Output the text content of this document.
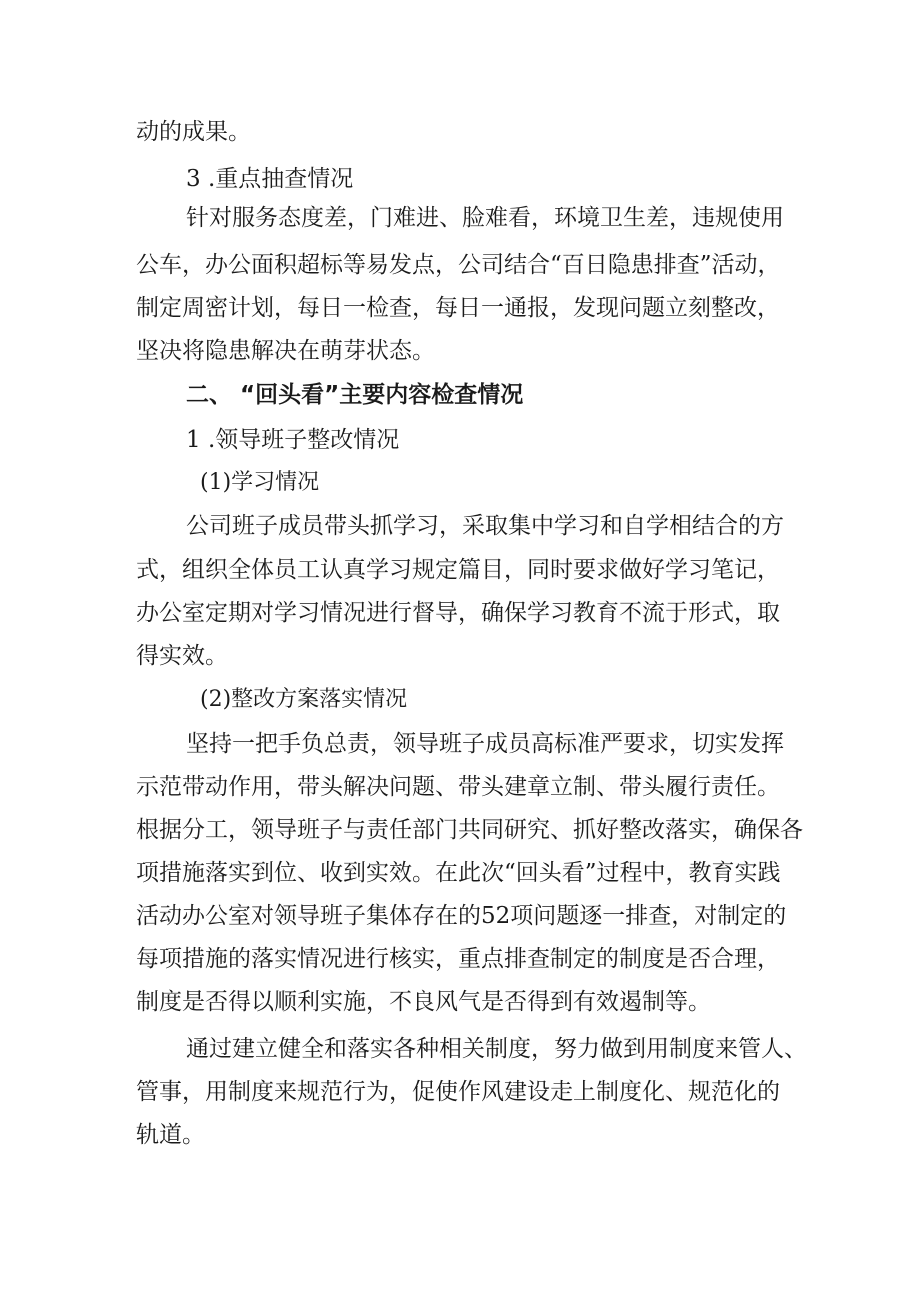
动的成果。
3 .重点抽查情况
针对服务态度差，门难进、脸难看，环境卫生差，违规使用
公车，办公面积超标等易发点，公司结合“百日隐患排查”活动，
制定周密计划，每日一检查，每日一通报，发现问题立刻整改，
坚决将隐患解决在萌芽状态。
二、 “回头看”主要内容检查情况
1 .领导班子整改情况
(1)学习情况
公司班子成员带头抓学习，采取集中学习和自学相结合的方
式，组织全体员工认真学习规定篇目，同时要求做好学习笔记，
办公室定期对学习情况进行督导，确保学习教育不流于形式，取
得实效。
(2)整改方案落实情况
坚持一把手负总责，领导班子成员高标准严要求，切实发挥
示范带动作用，带头解决问题、带头建章立制、带头履行责任。
根据分工，领导班子与责任部门共同研究、抓好整改落实，确保各
项措施落实到位、收到实效。在此次“回头看”过程中，教育实践
活动办公室对领导班子集体存在的52项问题逐一排查，对制定的
每项措施的落实情况进行核实，重点排查制定的制度是否合理，
制度是否得以顺利实施，不良风气是否得到有效遏制等。
通过建立健全和落实各种相关制度，努力做到用制度来管人、
管事，用制度来规范行为，促使作风建设走上制度化、规范化的
轨道。
